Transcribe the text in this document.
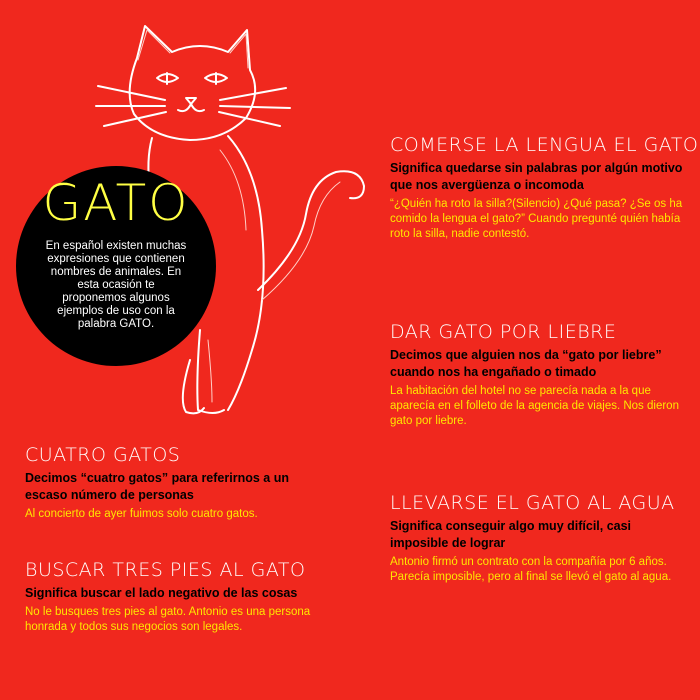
GATO
En español existen muchas expresiones que contienen nombres de animales. En esta ocasión te proponemos algunos ejemplos de uso con la palabra GATO.
COMERSE LA LENGUA EL GATO
Significa quedarse sin palabras por algún motivo que nos avergüenza o incomoda
“¿Quién ha roto la silla?(Silencio) ¿Qué pasa? ¿Se os ha comido la lengua el gato?” Cuando pregunté quién había roto la silla, nadie contestó.
DAR GATO POR LIEBRE
Decimos que alguien nos da “gato por liebre” cuando nos ha engañado o timado
La habitación del hotel no se parecía nada a la que aparecía en el folleto de la agencia de viajes. Nos dieron gato por liebre.
CUATRO GATOS
Decimos “cuatro gatos” para referirnos a un escaso número de personas
Al concierto de ayer fuimos solo cuatro gatos.	LLEVARSE EL GATO AL AGUA
Significa conseguir algo muy difícil, casi imposible de lograr
Antonio firmó un contrato con la compañía por 6 años. Parecía imposible, pero al final se llevó el gato al agua.
BUSCAR TRES PIES AL GATO
Significa buscar el lado negativo de las cosas
No le busques tres pies al gato. Antonio es una persona honrada y todos sus negocios son legales.
